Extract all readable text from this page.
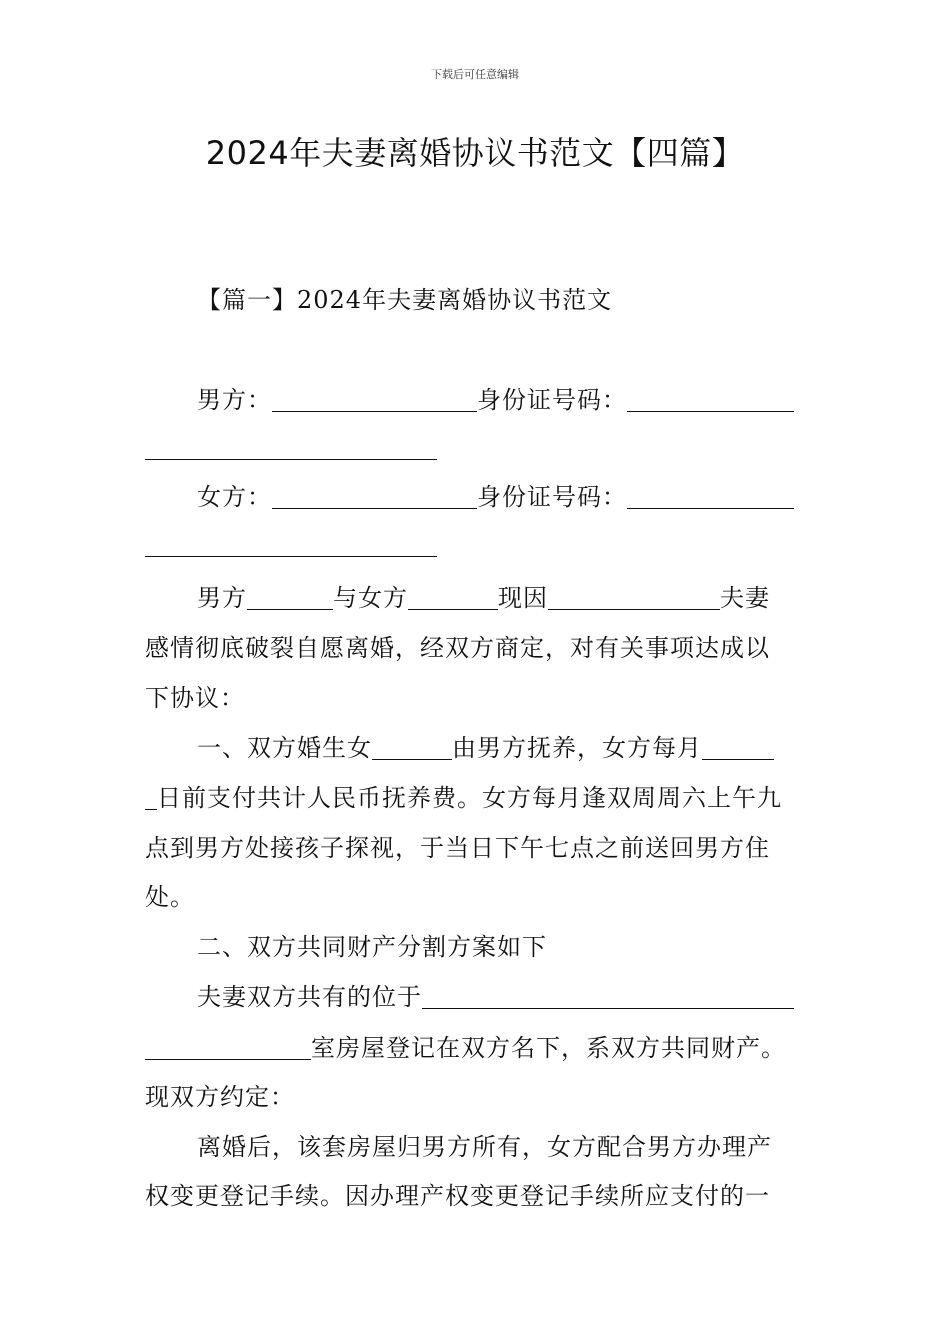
下载后可任意编辑
2024年夫妻离婚协议书范文【四篇】
【篇一】2024年夫妻离婚协议书范文
男方：	身份证号码：
女方：	身份证号码：
男方	与女方	现因	夫妻
感情彻底破裂自愿离婚，经双方商定，对有关事项达成以
下协议：
一、双方婚生女	由男方抚养，女方每月
日前支付共计人民币抚养费。女方每月逢双周周六上午九
点到男方处接孩子探视，于当日下午七点之前送回男方住
处。
二、双方共同财产分割方案如下
夫妻双方共有的位于
室房屋登记在双方名下，系双方共同财产。
现双方约定：
离婚后，该套房屋归男方所有，女方配合男方办理产
权变更登记手续。因办理产权变更登记手续所应支付的一
